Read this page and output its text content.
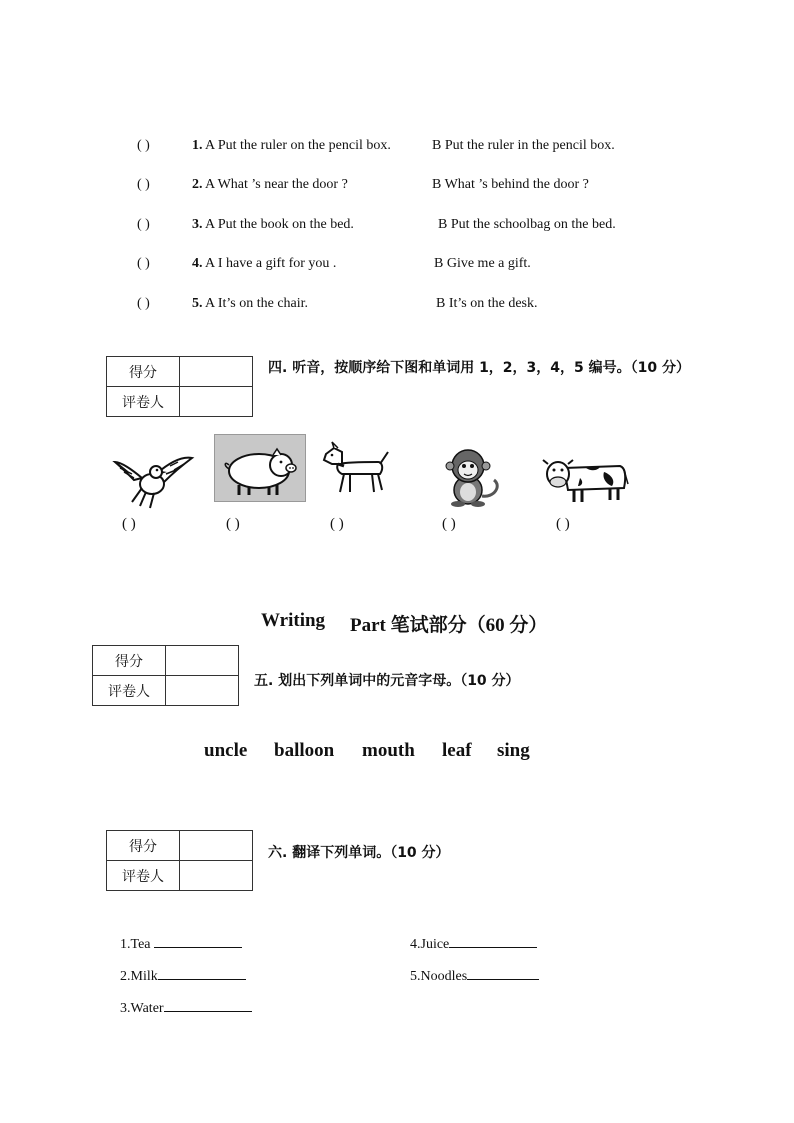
( )	1. A Put the ruler on the pencil box.	B Put the ruler in the pencil box.
( )	2. A What ’s near the door ?	B What ’s behind the door ?
( )	3. A Put the book on the bed.	B Put the schoolbag on the bed.
( )	4. A I have a gift for you .	B Give me a gift.
( )	5. A It’s on the chair.	B It’s on the desk.
得分	
评卷人	
四. 听音，按顺序给下图和单词用 1，2，3，4，5 编号。（10 分）
( )	( )	( )	( )	( )
Writing Part 笔试部分（60 分）
得分	
评卷人	
五. 划出下列单词中的元音字母。（10 分）
uncle balloon mouth leaf sing
得分	
评卷人	
六. 翻译下列单词。（10 分）
1.Tea
2.Milk
3.Water
4.Juice
5.Noodles
